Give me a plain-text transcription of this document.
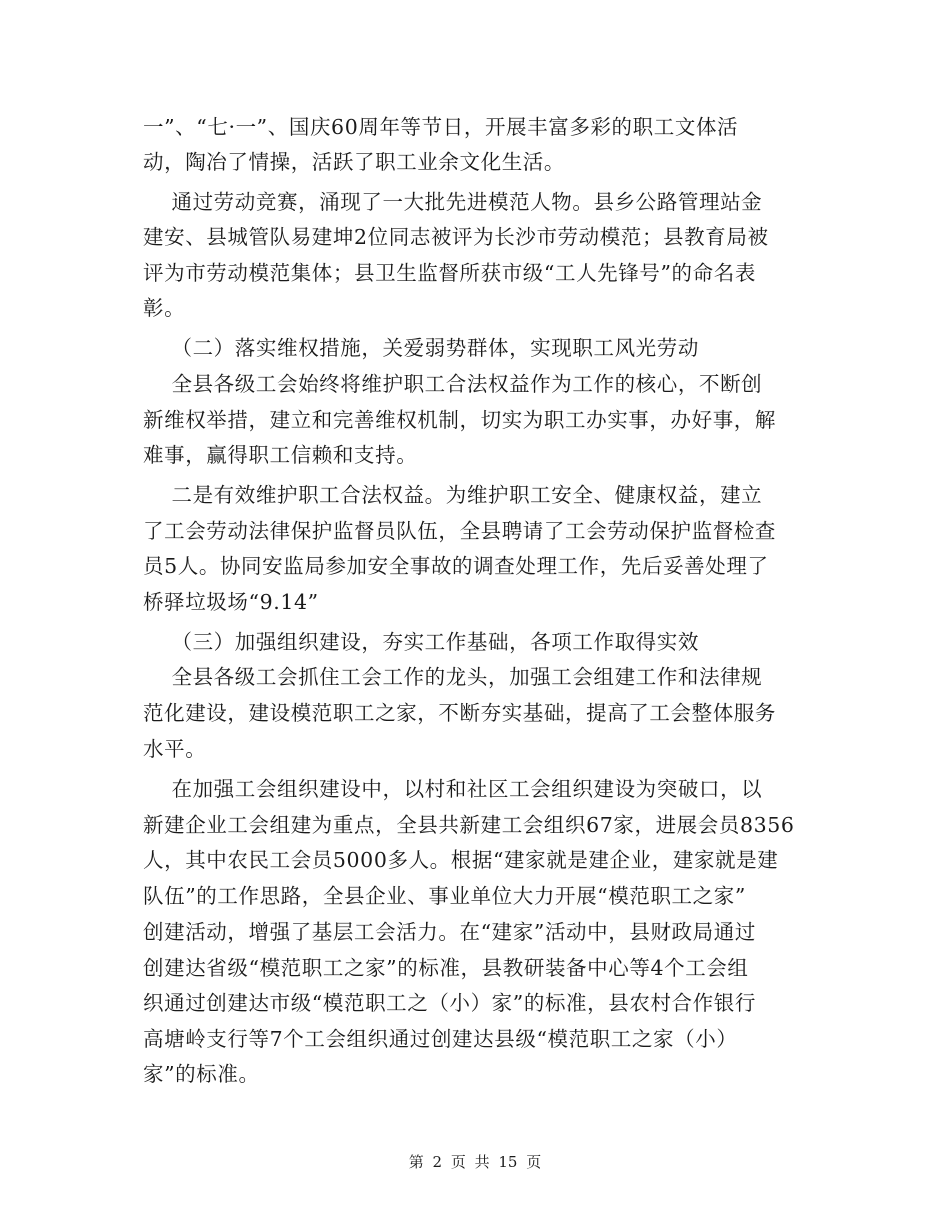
一”、“七·一”、国庆60周年等节日，开展丰富多彩的职工文体活
动，陶冶了情操，活跃了职工业余文化生活。
通过劳动竞赛，涌现了一大批先进模范人物。县乡公路管理站金
建安、县城管队易建坤2位同志被评为长沙市劳动模范；县教育局被
评为市劳动模范集体；县卫生监督所获市级“工人先锋号”的命名表
彰。
（二）落实维权措施，关爱弱势群体，实现职工风光劳动
全县各级工会始终将维护职工合法权益作为工作的核心，不断创
新维权举措，建立和完善维权机制，切实为职工办实事，办好事，解
难事，赢得职工信赖和支持。
二是有效维护职工合法权益。为维护职工安全、健康权益，建立
了工会劳动法律保护监督员队伍，全县聘请了工会劳动保护监督检查
员5人。协同安监局参加安全事故的调查处理工作，先后妥善处理了
桥驿垃圾场“9.14”
（三）加强组织建设，夯实工作基础，各项工作取得实效
全县各级工会抓住工会工作的龙头，加强工会组建工作和法律规
范化建设，建设模范职工之家，不断夯实基础，提高了工会整体服务
水平。
在加强工会组织建设中，以村和社区工会组织建设为突破口，以
新建企业工会组建为重点，全县共新建工会组织67家，进展会员8356
人，其中农民工会员5000多人。根据“建家就是建企业，建家就是建
队伍”的工作思路，全县企业、事业单位大力开展“模范职工之家”
创建活动，增强了基层工会活力。在“建家”活动中，县财政局通过
创建达省级“模范职工之家”的标准，县教研装备中心等4个工会组
织通过创建达市级“模范职工之（小）家”的标准，县农村合作银行
高塘岭支行等7个工会组织通过创建达县级“模范职工之家（小）
家”的标准。
第 2 页 共 15 页
